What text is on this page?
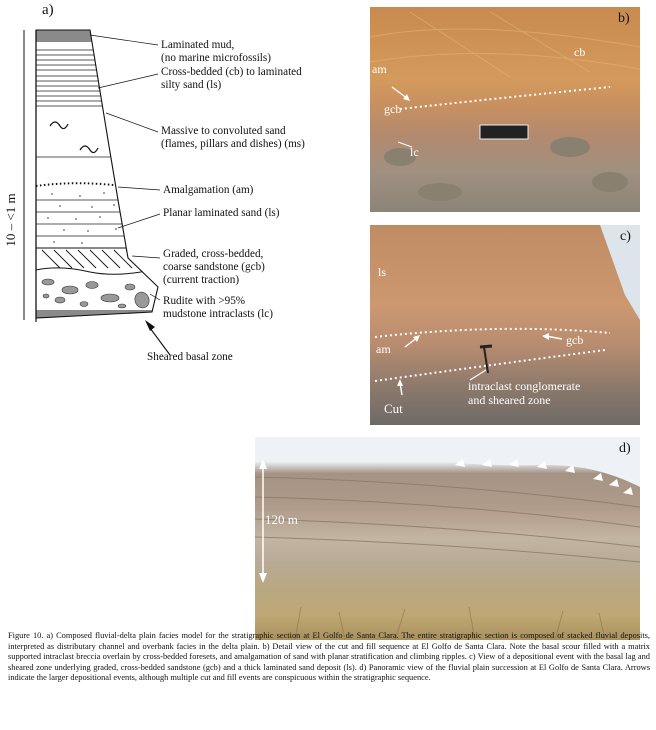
a)
10 – <1 m
Laminated mud,
(no marine microfossils)
Cross-bedded (cb) to laminated
silty sand (ls)
Massive to convoluted sand
(flames, pillars and dishes) (ms)
Amalgamation (am)
Planar laminated sand (ls)
Graded, cross-bedded,
coarse sandstone (gcb)
(current traction)
Rudite with >95%
mudstone intraclasts (lc)
Sheared basal zone
b)
cb
am
gcb
lc
c)
ls
am
gcb
intraclast conglomerate
and sheared zone
Cut
d)
120 m
Figure 10. a) Composed fluvial-delta plain facies model for the stratigraphic section at El Golfo de Santa Clara. The entire stratigraphic section is composed of stacked fluvial deposits, interpreted as distributary channel and overbank facies in the delta plain. b) Detail view of the cut and fill sequence at El Golfo de Santa Clara. Note the basal scour filled with a matrix supported intraclast breccia overlain by cross-bedded foresets, and amalgamation of sand with planar stratification and climbing ripples. c) View of a depositional event with the basal lag and sheared zone underlying graded, cross-bedded sandstone (gcb) and a thick laminated sand deposit (ls). d) Panoramic view of the fluvial plain succession at El Golfo de Santa Clara. Arrows indicate the larger depositional events, although multiple cut and fill events are conspicuous within the stratigraphic sequence.
